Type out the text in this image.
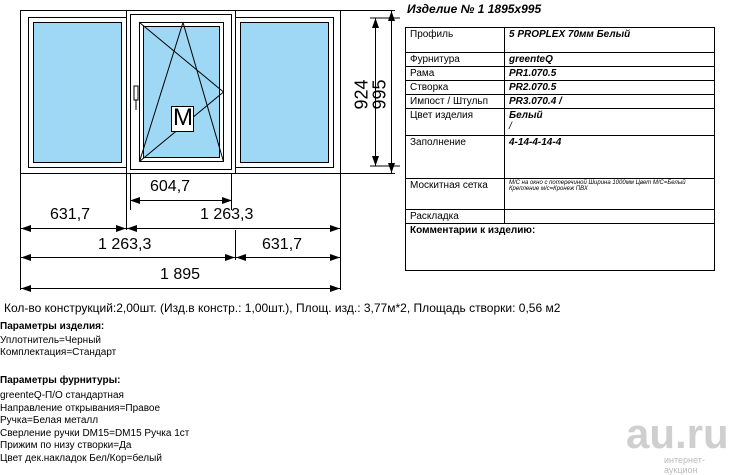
M
924
995
604,7
631,7	1 263,3
1 263,3	631,7
1 895
Изделие № 1 1895x995
Профиль	5 PROPLEX 70мм Белый
Фурнитура	greenteQ
Рама	PR1.070.5
Створка	PR2.070.5
Импост / Штульп	PR3.070.4 /
Цвет изделия	Белый
/

Заполнение	4-14-4-14-4
Москитная сетка	М/С на окно с потеречиной Ширина 1000мм Цвет М/С=Белый
Крепление м/с=Кронеж ПВХ

Раскладка	
Комментарии к изделию:	
Кол-во конструкций:2,00шт. (Изд.в констр.: 1,00шт.), Площ. изд.: 3,77м*2, Площадь створки: 0,56 м2
Параметры изделия:
Уплотнитель=Черный
Комплектация=Стандарт
Параметры фурнитуры:
greenteQ-П/О стандартная
Направление открывания=Правое
Ручка=Белая металл
Сверление ручки DM15=DM15 Ручка 1ст
Прижим по низу створки=Да
Цвет дек.накладок Бел/Кор=белый
au.ru
интернет-аукцион
